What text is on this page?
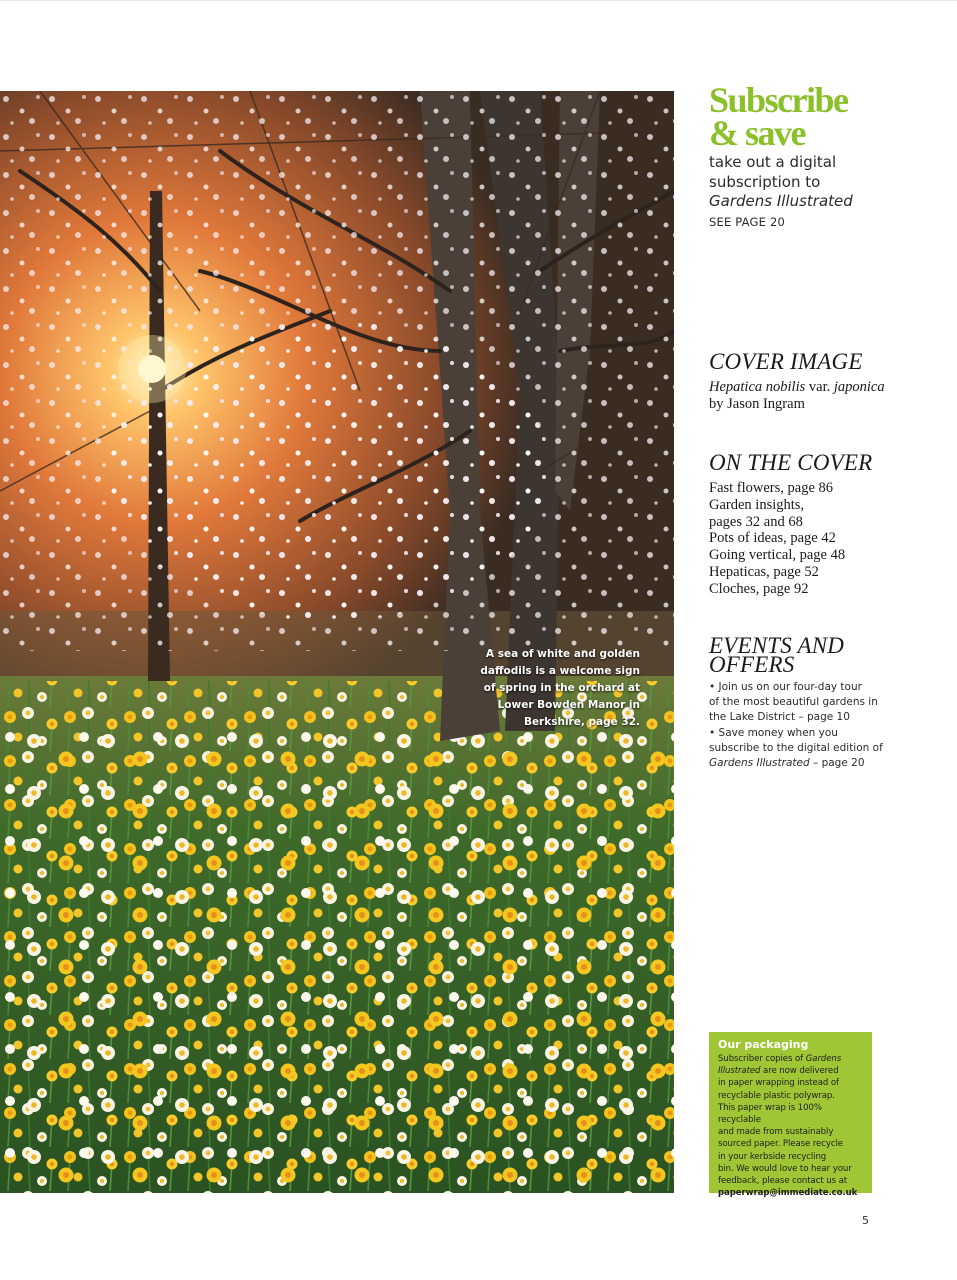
A sea of white and golden daffodils is a welcome sign of spring in the orchard at Lower Bowden Manor in Berkshire, page 32.
Subscribe
& save
take out a digital
subscription to
Gardens Illustrated
SEE PAGE 20
COVER IMAGE
Hepatica nobilis var. japonica
by Jason Ingram
ON THE COVER
Fast flowers, page 86
Garden insights,
pages 32 and 68
Pots of ideas, page 42
Going vertical, page 48
Hepaticas, page 52
Cloches, page 92
EVENTS AND
OFFERS
• Join us on our four-day tour
of the most beautiful gardens in
the Lake District – page 10
• Save money when you
subscribe to the digital edition of
Gardens Illustrated – page 20
Our packaging
Subscriber copies of Gardens
Illustrated are now delivered
in paper wrapping instead of
recyclable plastic polywrap.
This paper wrap is 100% recyclable
and made from sustainably
sourced paper. Please recycle
in your kerbside recycling
bin. We would love to hear your
feedback, please contact us at
paperwrap@immediate.co.uk
5
